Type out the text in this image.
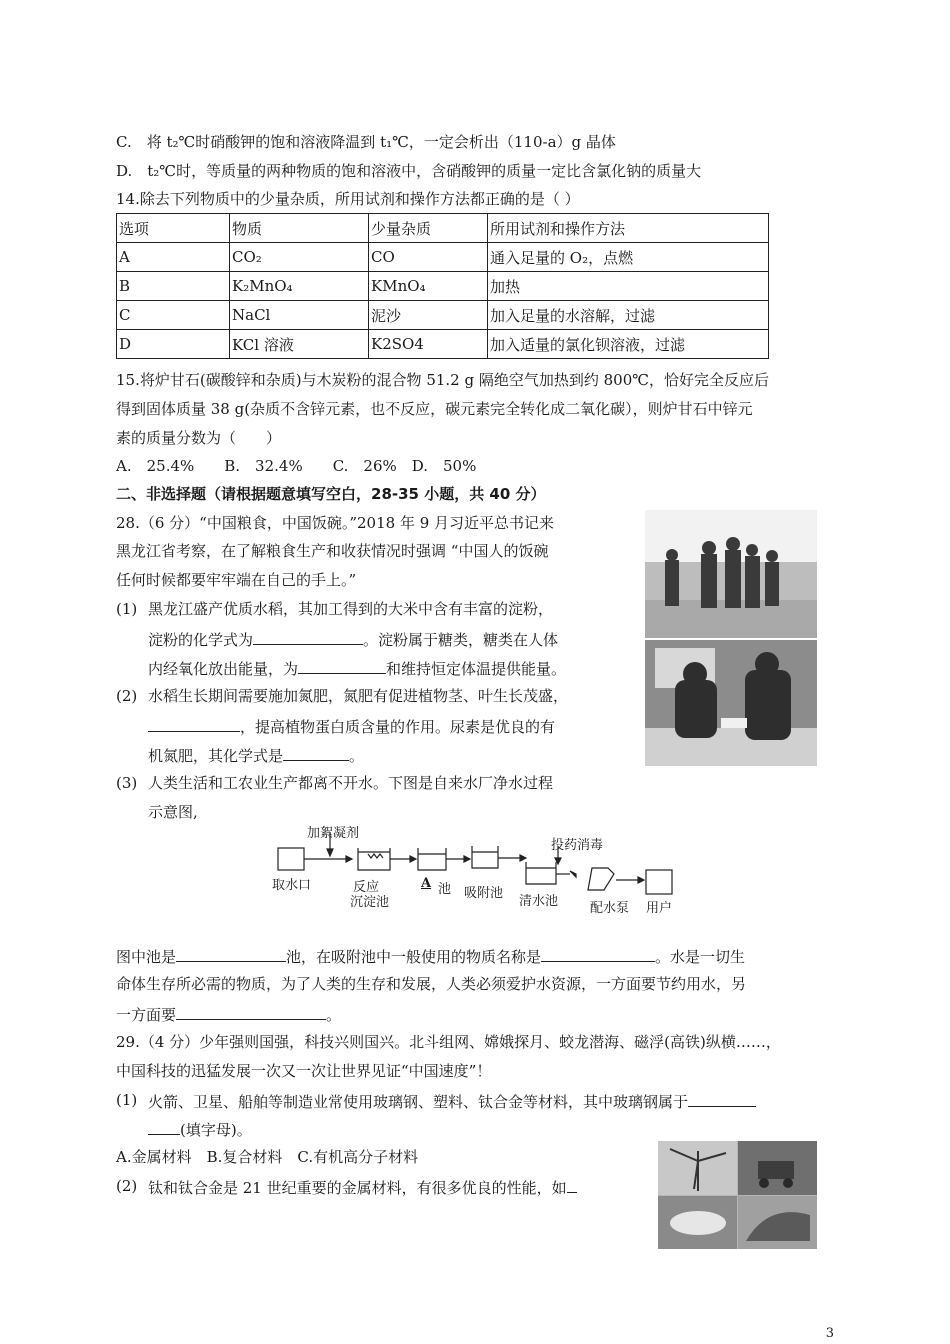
C.　将 t₂℃时硝酸钾的饱和溶液降温到 t₁℃，一定会析出（110-a）g 晶体
D.　t₂℃时，等质量的两种物质的饱和溶液中，含硝酸钾的质量一定比含氯化钠的质量大
14.除去下列物质中的少量杂质，所用试剂和操作方法都正确的是（ ）
选项	物质	少量杂质	所用试剂和操作方法
A	CO₂	CO	通入足量的 O₂，点燃
B	K₂MnO₄	KMnO₄	加热
C	NaCl	泥沙	加入足量的水溶解，过滤
D	KCl 溶液	K2SO4	加入适量的氯化钡溶液，过滤
15.将炉甘石(碳酸锌和杂质)与木炭粉的混合物 51.2 g 隔绝空气加热到约 800℃，恰好完全反应后
得到固体质量 38 g(杂质不含锌元素，也不反应，碳元素完全转化成二氧化碳），则炉甘石中锌元
素的质量分数为（　　）
A.　25.4%　　B.　32.4%　　C.　26%　D.　50%
二、非选择题（请根据题意填写空白，28-35 小题，共 40 分）
28.（6 分）“中国粮食，中国饭碗。”2018 年 9 月习近平总书记来
黑龙江省考察，在了解粮食生产和收获情况时强调 “中国人的饭碗
任何时候都要牢牢端在自己的手上。”
(1) 黑龙江盛产优质水稻，其加工得到的大米中含有丰富的淀粉，
淀粉的化学式为	。淀粉属于糖类，糖类在人体
内经氧化放出能量，为	和维持恒定体温提供能量。
(2) 水稻生长期间需要施加氮肥，氮肥有促进植物茎、叶生长茂盛，
，提高植物蛋白质含量的作用。尿素是优良的有
机氮肥，其化学式是	。
(3) 人类生活和工农业生产都离不开水。下图是自来水厂净水过程
示意图,
加絮凝剂
投药消毒
取水口	反应
沉淀池
A 池 吸附池
清水池 配水泵 用户
图中池是	池，在吸附池中一般使用的物质名称是	。水是一切生
命体生存所必需的物质，为了人类的生存和发展，人类必须爱护水资源，一方面要节约用水，另
一方面要	。
29.（4 分）少年强则国强，科技兴则国兴。北斗组网、嫦娥探月、蛟龙潜海、磁浮(高铁)纵横……，
中国科技的迅猛发展一次又一次让世界见证“中国速度”！
(1) 火箭、卫星、船舶等制造业常使用玻璃钢、塑料、钛合金等材料，其中玻璃钢属于
(填字母)。
A.金属材料　B.复合材料　C.有机高分子材料
(2) 钛和钛合金是 21 世纪重要的金属材料，有很多优良的性能，如
3
